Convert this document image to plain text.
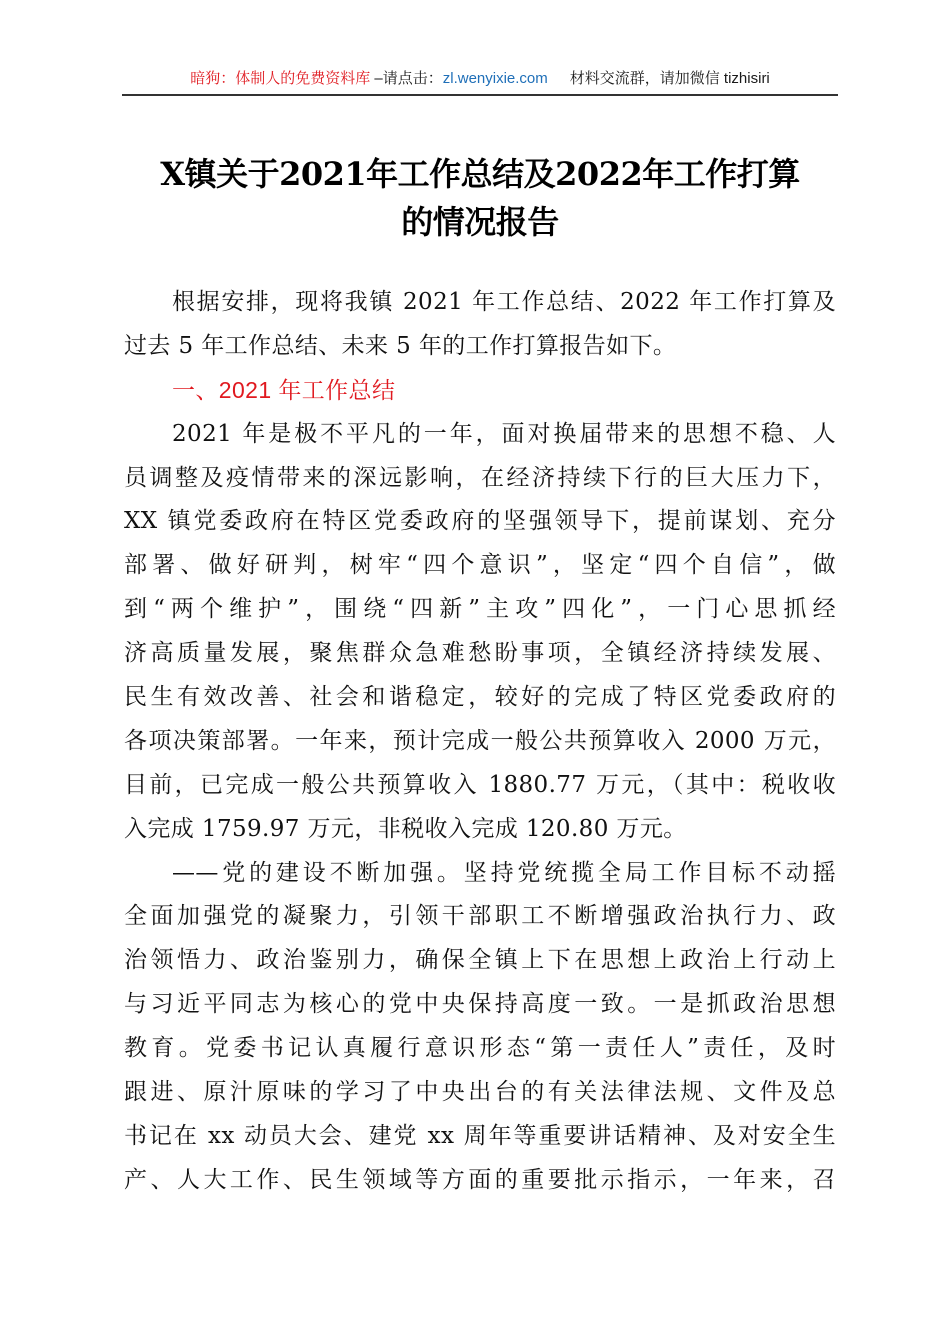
暗狗：体制人的免费资料库 –请点击：zl.wenyixie.com 材料交流群，请加微信 tizhisiri
X镇关于2021年工作总结及2022年工作打算
的情况报告
根据安排，现将我镇 2021 年工作总结、2022 年工作打算及
过去 5 年工作总结、未来 5 年的工作打算报告如下。
一、2021 年工作总结
2021 年是极不平凡的一年，面对换届带来的思想不稳、人
员调整及疫情带来的深远影响，在经济持续下行的巨大压力下，
XX 镇党委政府在特区党委政府的坚强领导下，提前谋划、充分
部署、做好研判，树牢“四个意识”，坚定“四个自信”，做
到“两个维护”，围绕“四新”主攻”四化”，一门心思抓经
济高质量发展，聚焦群众急难愁盼事项，全镇经济持续发展、
民生有效改善、社会和谐稳定，较好的完成了特区党委政府的
各项决策部署。一年来，预计完成一般公共预算收入 2000 万元，
目前，已完成一般公共预算收入 1880.77 万元，（其中：税收收
入完成 1759.97 万元，非税收入完成 120.80 万元。
——党的建设不断加强。坚持党统揽全局工作目标不动摇
全面加强党的凝聚力，引领干部职工不断增强政治执行力、政
治领悟力、政治鉴别力，确保全镇上下在思想上政治上行动上
与习近平同志为核心的党中央保持高度一致。一是抓政治思想
教育。党委书记认真履行意识形态“第一责任人”责任，及时
跟进、原汁原味的学习了中央出台的有关法律法规、文件及总
书记在 xx 动员大会、建党 xx 周年等重要讲话精神、及对安全生
产、人大工作、民生领域等方面的重要批示指示，一年来，召
